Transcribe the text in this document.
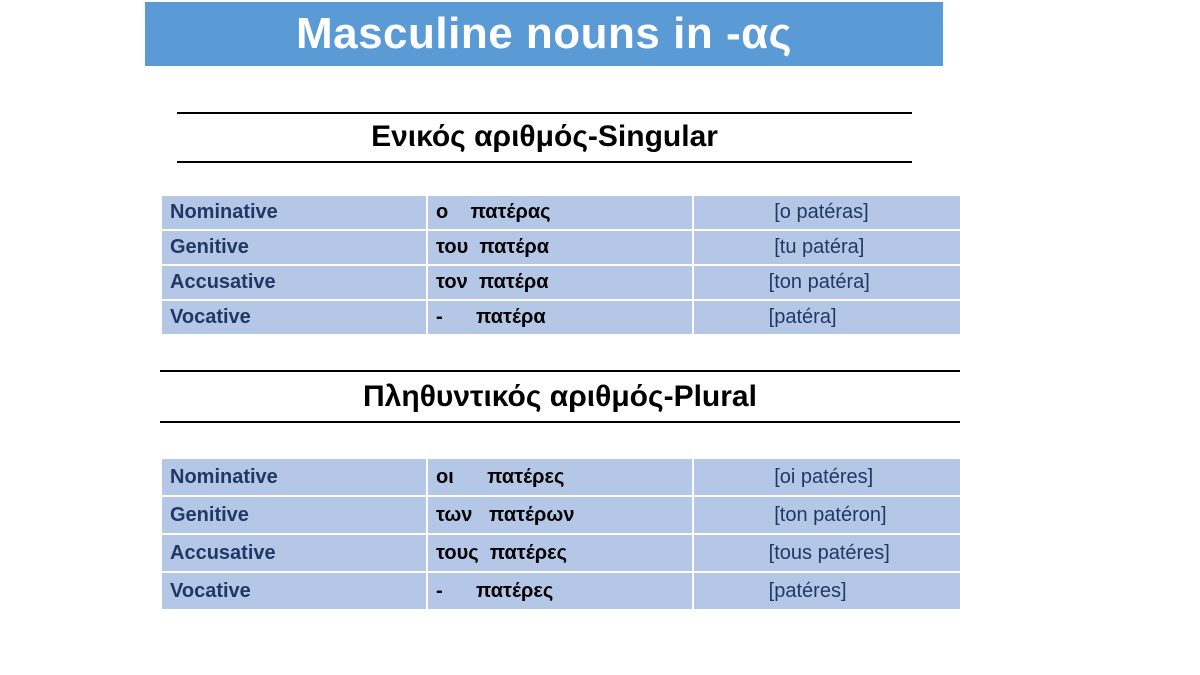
Masculine nouns in -ας
Ενικός αριθμός-Singular
Nominative	ο    πατέρας	[o patéras]
Genitive	του  πατέρα	[tu patéra]
Accusative	τον  πατέρα	[ton patéra]
Vocative	-      πατέρα	[patéra]
Πληθυντικός αριθμός-Plural
Nominative	οι      πατέρες	[oi patéres]
Genitive	των   πατέρων	[ton patéron]
Accusative	τους  πατέρες	[tous patéres]
Vocative	-      πατέρες	[patéres]
